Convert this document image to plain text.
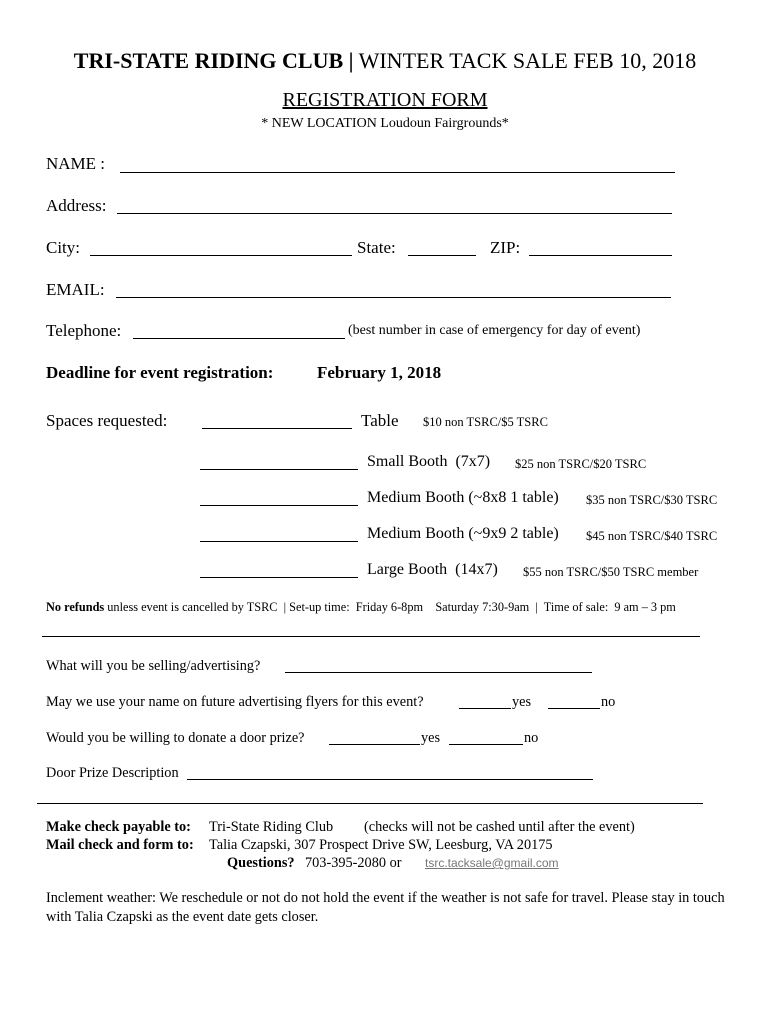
TRI-STATE RIDING CLUB | WINTER TACK SALE FEB 10, 2018
REGISTRATION FORM
* NEW LOCATION Loudoun Fairgrounds*
NAME :
Address:
City:	State:	ZIP:
EMAIL:
Telephone:	(best number in case of emergency for day of event)
Deadline for event registration:	February 1, 2018
Spaces requested:	Table $10 non TSRC/$5 TSRC
Small Booth  (7x7) $25 non TSRC/$20 TSRC
Medium Booth (~8x8 1 table) $35 non TSRC/$30 TSRC
Medium Booth (~9x9 2 table) $45 non TSRC/$40 TSRC
Large Booth  (14x7) $55 non TSRC/$50 TSRC member
No refunds unless event is cancelled by TSRC  | Set-up time:  Friday 6-8pm    Saturday 7:30-9am  |  Time of sale:  9 am – 3 pm
What will you be selling/advertising?
May we use your name on future advertising flyers for this event?	yes	no
Would you be willing to donate a door prize?	yes	no
Door Prize Description
Make check payable to: Tri-State Riding Club (checks will not be cashed until after the event)
Mail check and form to: Talia Czapski, 307 Prospect Drive SW, Leesburg, VA 20175
Questions? 703-395-2080 or tsrc.tacksale@gmail.com
Inclement weather: We reschedule or not do not hold the event if the weather is not safe for travel. Please stay in touch with Talia Czapski as the event date gets closer.
